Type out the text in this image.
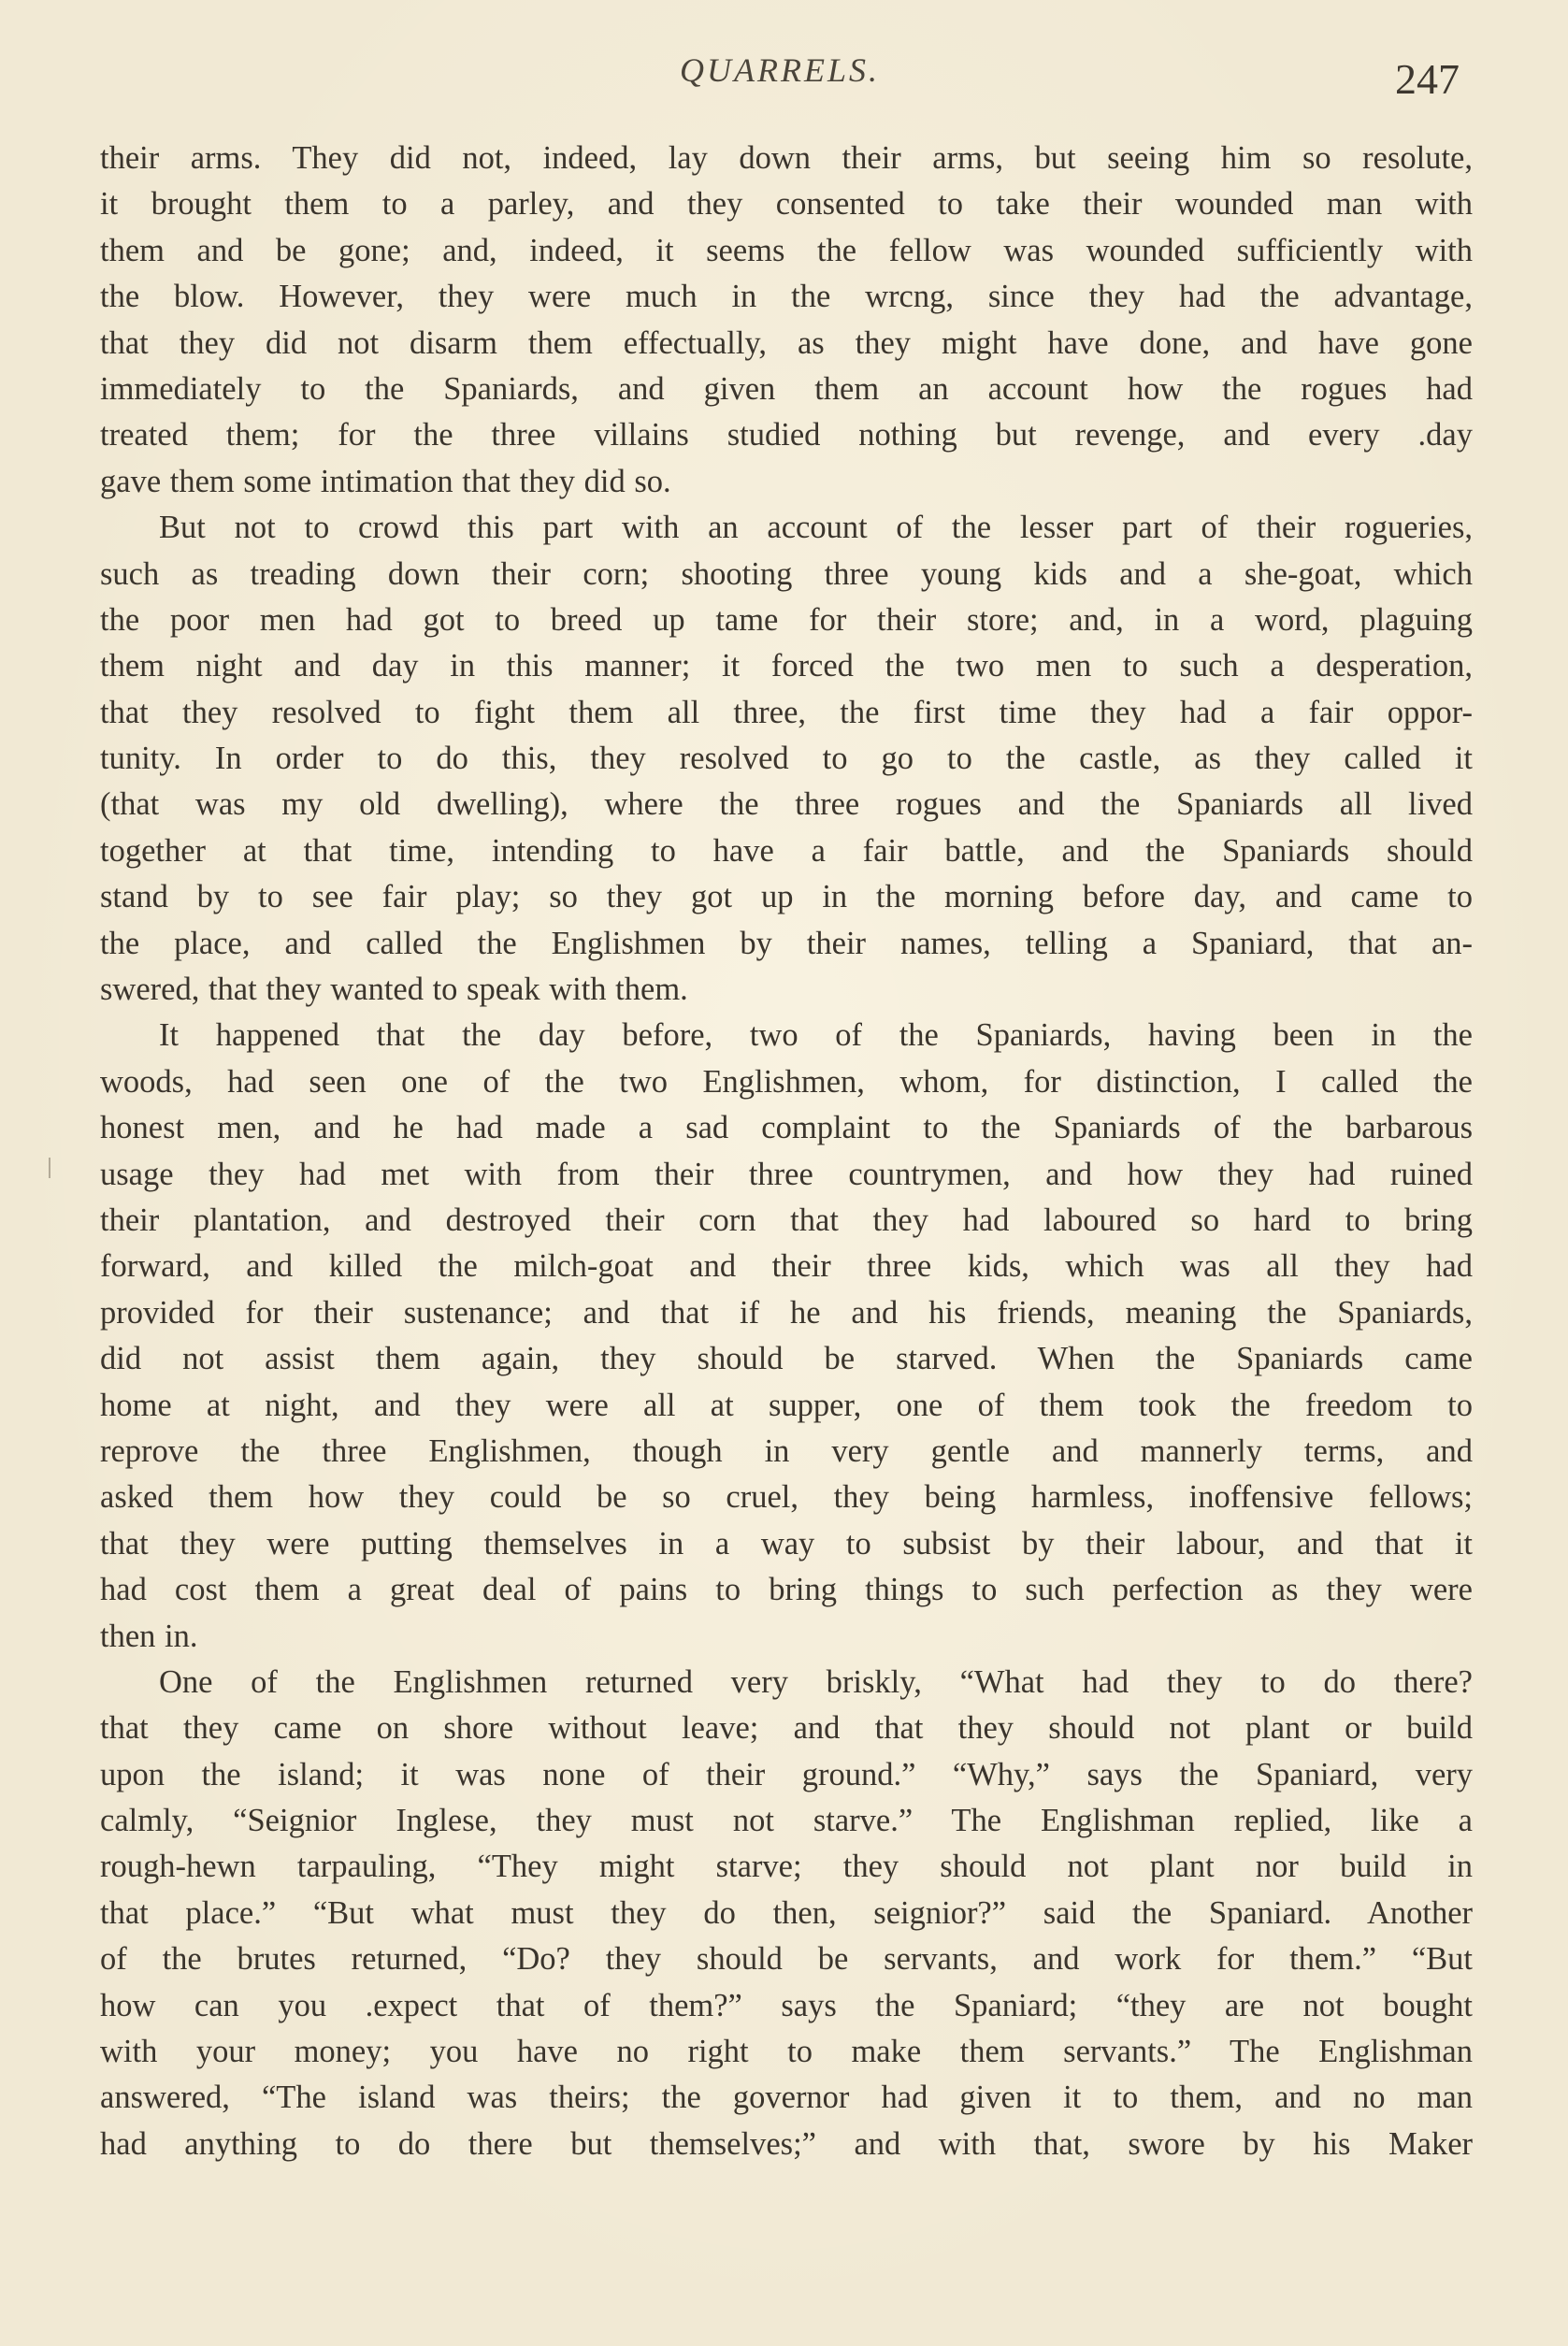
QUARRELS.	247
their arms. They did not, indeed, lay down their arms, but seeing him so resolute,
it brought them to a parley, and they consented to take their wounded man with
them and be gone; and, indeed, it seems the fellow was wounded sufficiently with
the blow. However, they were much in the wrcng, since they had the advantage,
that they did not disarm them effectually, as they might have done, and have gone
immediately to the Spaniards, and given them an account how the rogues had
treated them; for the three villains studied nothing but revenge, and every .day
gave them some intimation that they did so.
But not to crowd this part with an account of the lesser part of their rogueries,
such as treading down their corn; shooting three young kids and a she-goat, which
the poor men had got to breed up tame for their store; and, in a word, plaguing
them night and day in this manner; it forced the two men to such a desperation,
that they resolved to fight them all three, the first time they had a fair oppor-
tunity. In order to do this, they resolved to go to the castle, as they called it
(that was my old dwelling), where the three rogues and the Spaniards all lived
together at that time, intending to have a fair battle, and the Spaniards should
stand by to see fair play; so they got up in the morning before day, and came to
the place, and called the Englishmen by their names, telling a Spaniard, that an-
swered, that they wanted to speak with them.
It happened that the day before, two of the Spaniards, having been in the
woods, had seen one of the two Englishmen, whom, for distinction, I called the
honest men, and he had made a sad complaint to the Spaniards of the barbarous
usage they had met with from their three countrymen, and how they had ruined
their plantation, and destroyed their corn that they had laboured so hard to bring
forward, and killed the milch-goat and their three kids, which was all they had
provided for their sustenance; and that if he and his friends, meaning the Spaniards,
did not assist them again, they should be starved. When the Spaniards came
home at night, and they were all at supper, one of them took the freedom to
reprove the three Englishmen, though in very gentle and mannerly terms, and
asked them how they could be so cruel, they being harmless, inoffensive fellows;
that they were putting themselves in a way to subsist by their labour, and that it
had cost them a great deal of pains to bring things to such perfection as they were
then in.
One of the Englishmen returned very briskly, “What had they to do there?
that they came on shore without leave; and that they should not plant or build
upon the island; it was none of their ground.” “Why,” says the Spaniard, very
calmly, “Seignior Inglese, they must not starve.” The Englishman replied, like a
rough-hewn tarpauling, “They might starve; they should not plant nor build in
that place.” “But what must they do then, seignior?” said the Spaniard. Another
of the brutes returned, “Do? they should be servants, and work for them.” “But
how can you .expect that of them?” says the Spaniard; “they are not bought
with your money; you have no right to make them servants.” The Englishman
answered, “The island was theirs; the governor had given it to them, and no man
had anything to do there but themselves;” and with that, swore by his Maker
